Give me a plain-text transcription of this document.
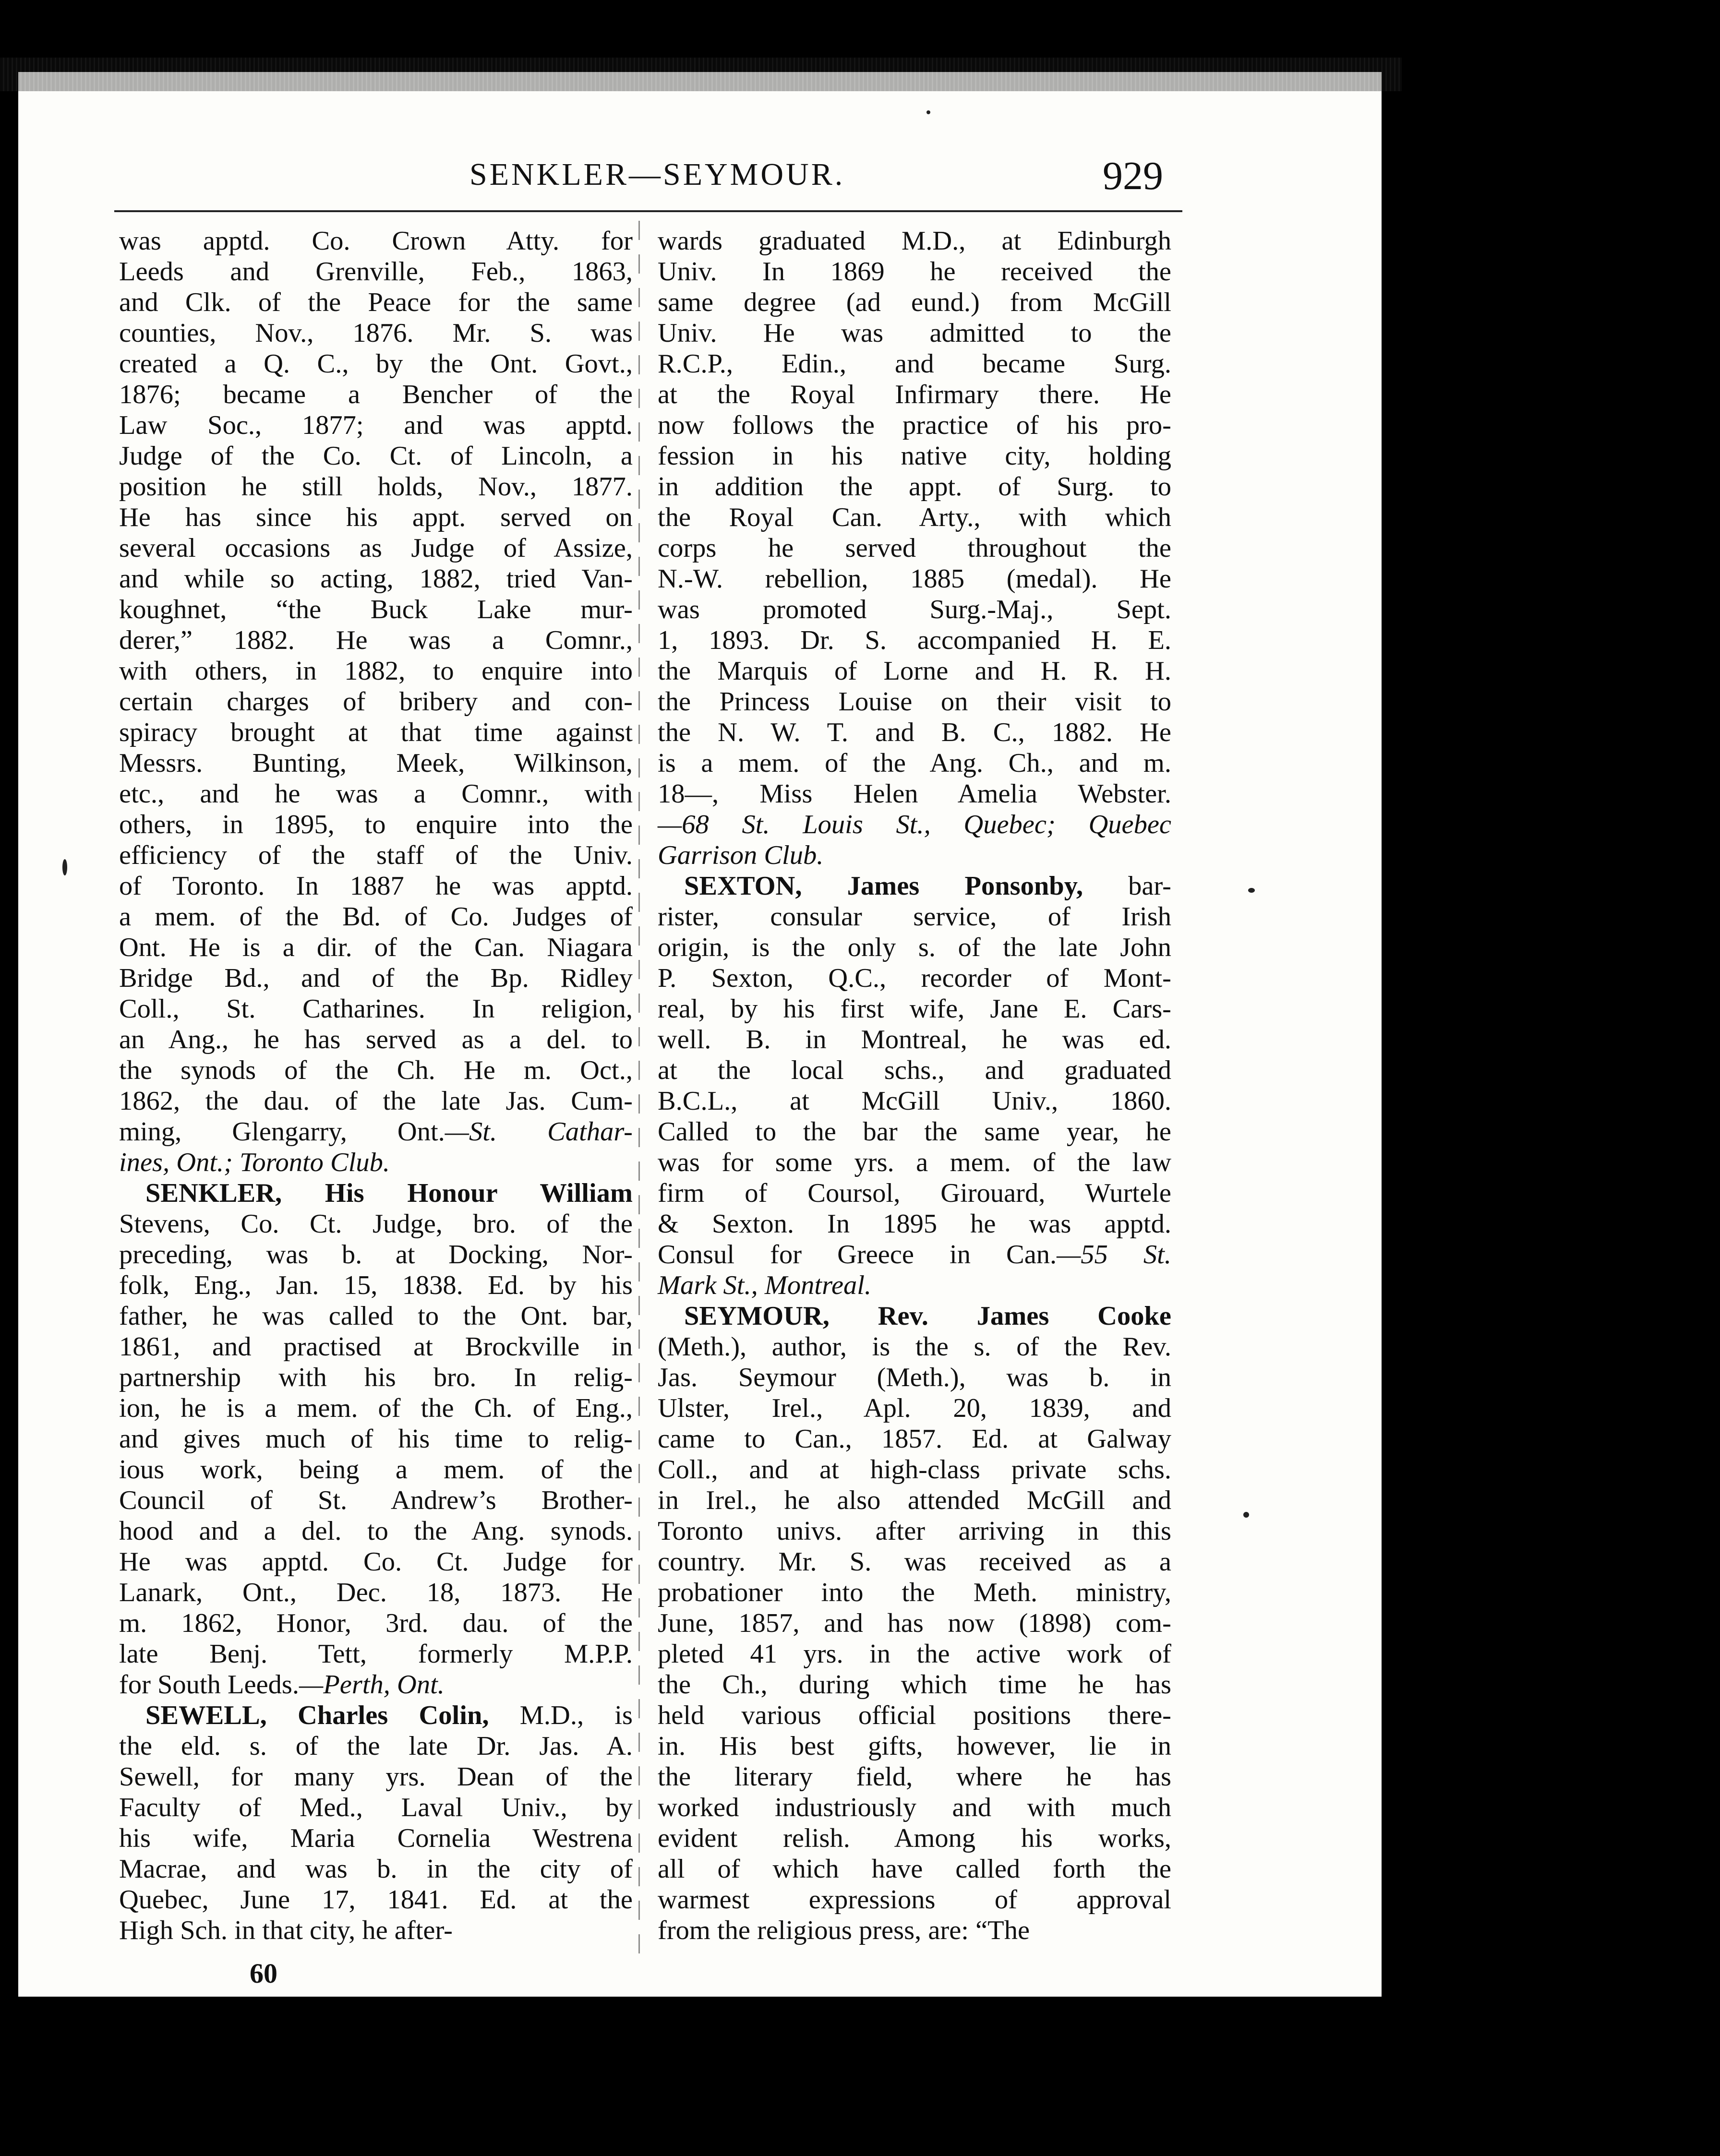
SENKLER—SEYMOUR.	929
was apptd. Co. Crown Atty. for
Leeds and Grenville, Feb., 1863,
and Clk. of the Peace for the same
counties, Nov., 1876. Mr. S. was
created a Q. C., by the Ont. Govt.,
1876; became a Bencher of the
Law Soc., 1877; and was apptd.
Judge of the Co. Ct. of Lincoln, a
position he still holds, Nov., 1877.
He has since his appt. served on
several occasions as Judge of Assize,
and while so acting, 1882, tried Van-
koughnet, “the Buck Lake mur-
derer,” 1882. He was a Comnr.,
with others, in 1882, to enquire into
certain charges of bribery and con-
spiracy brought at that time against
Messrs. Bunting, Meek, Wilkinson,
etc., and he was a Comnr., with
others, in 1895, to enquire into the
efficiency of the staff of the Univ.
of Toronto. In 1887 he was apptd.
a mem. of the Bd. of Co. Judges of
Ont. He is a dir. of the Can. Niagara
Bridge Bd., and of the Bp. Ridley
Coll., St. Catharines. In religion,
an Ang., he has served as a del. to
the synods of the Ch. He m. Oct.,
1862, the dau. of the late Jas. Cum-
ming, Glengarry, Ont.—St. Cathar-
ines, Ont.; Toronto Club.
SENKLER, His Honour William
Stevens, Co. Ct. Judge, bro. of the
preceding, was b. at Docking, Nor-
folk, Eng., Jan. 15, 1838. Ed. by his
father, he was called to the Ont. bar,
1861, and practised at Brockville in
partnership with his bro. In relig-
ion, he is a mem. of the Ch. of Eng.,
and gives much of his time to relig-
ious work, being a mem. of the
Council of St. Andrew’s Brother-
hood and a del. to the Ang. synods.
He was apptd. Co. Ct. Judge for
Lanark, Ont., Dec. 18, 1873. He
m. 1862, Honor, 3rd. dau. of the
late Benj. Tett, formerly M.P.P.
for South Leeds.—Perth, Ont.
SEWELL, Charles Colin, M.D., is
the eld. s. of the late Dr. Jas. A.
Sewell, for many yrs. Dean of the
Faculty of Med., Laval Univ., by
his wife, Maria Cornelia Westrena
Macrae, and was b. in the city of
Quebec, June 17, 1841. Ed. at the
High Sch. in that city, he after-
wards graduated M.D., at Edinburgh
Univ. In 1869 he received the
same degree (ad eund.) from McGill
Univ. He was admitted to the
R.C.P., Edin., and became Surg.
at the Royal Infirmary there. He
now follows the practice of his pro-
fession in his native city, holding
in addition the appt. of Surg. to
the Royal Can. Arty., with which
corps he served throughout the
N.-W. rebellion, 1885 (medal). He
was promoted Surg.-Maj., Sept.
1, 1893. Dr. S. accompanied H. E.
the Marquis of Lorne and H. R. H.
the Princess Louise on their visit to
the N. W. T. and B. C., 1882. He
is a mem. of the Ang. Ch., and m.
18—, Miss Helen Amelia Webster.
—68 St. Louis St., Quebec; Quebec
Garrison Club.
SEXTON, James Ponsonby, bar-
rister, consular service, of Irish
origin, is the only s. of the late John
P. Sexton, Q.C., recorder of Mont-
real, by his first wife, Jane E. Cars-
well. B. in Montreal, he was ed.
at the local schs., and graduated
B.C.L., at McGill Univ., 1860.
Called to the bar the same year, he
was for some yrs. a mem. of the law
firm of Coursol, Girouard, Wurtele
& Sexton. In 1895 he was apptd.
Consul for Greece in Can.—55 St.
Mark St., Montreal.
SEYMOUR, Rev. James Cooke
(Meth.), author, is the s. of the Rev.
Jas. Seymour (Meth.), was b. in
Ulster, Irel., Apl. 20, 1839, and
came to Can., 1857. Ed. at Galway
Coll., and at high-class private schs.
in Irel., he also attended McGill and
Toronto univs. after arriving in this
country. Mr. S. was received as a
probationer into the Meth. ministry,
June, 1857, and has now (1898) com-
pleted 41 yrs. in the active work of
the Ch., during which time he has
held various official positions there-
in. His best gifts, however, lie in
the literary field, where he has
worked industriously and with much
evident relish. Among his works,
all of which have called forth the
warmest expressions of approval
from the religious press, are: “The
60
